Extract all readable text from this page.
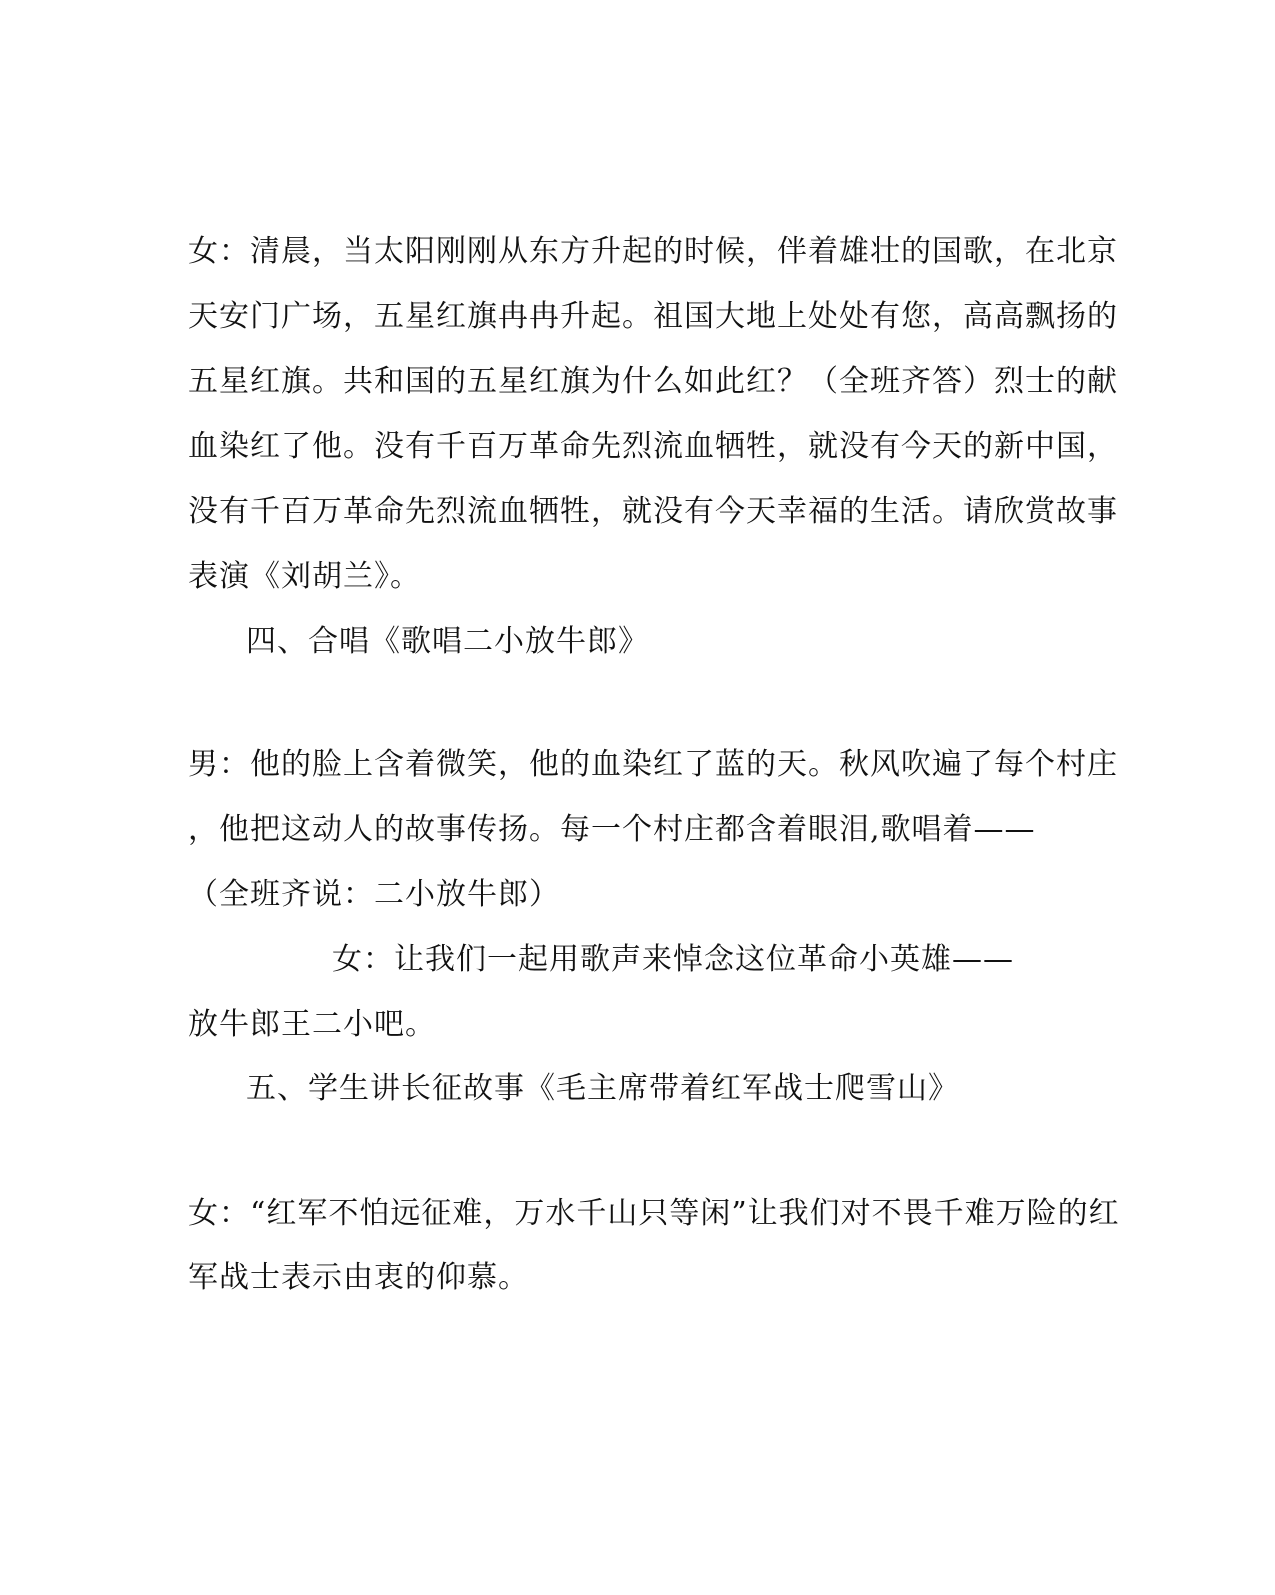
女：清晨，当太阳刚刚从东方升起的时候，伴着雄壮的国歌，在北京
天安门广场，五星红旗冉冉升起。祖国大地上处处有您，高高飘扬的
五星红旗。共和国的五星红旗为什么如此红？（全班齐答）烈士的献
血染红了他。没有千百万革命先烈流血牺牲，就没有今天的新中国，
没有千百万革命先烈流血牺牲，就没有今天幸福的生活。请欣赏故事
表演《刘胡兰》。
四、合唱《歌唱二小放牛郎》
男：他的脸上含着微笑，他的血染红了蓝的天。秋风吹遍了每个村庄
，他把这动人的故事传扬。每一个村庄都含着眼泪,歌唱着——
（全班齐说：二小放牛郎）
女：让我们一起用歌声来悼念这位革命小英雄——
放牛郎王二小吧。
五、学生讲长征故事《毛主席带着红军战士爬雪山》
女：“红军不怕远征难，万水千山只等闲”让我们对不畏千难万险的红
军战士表示由衷的仰慕。
